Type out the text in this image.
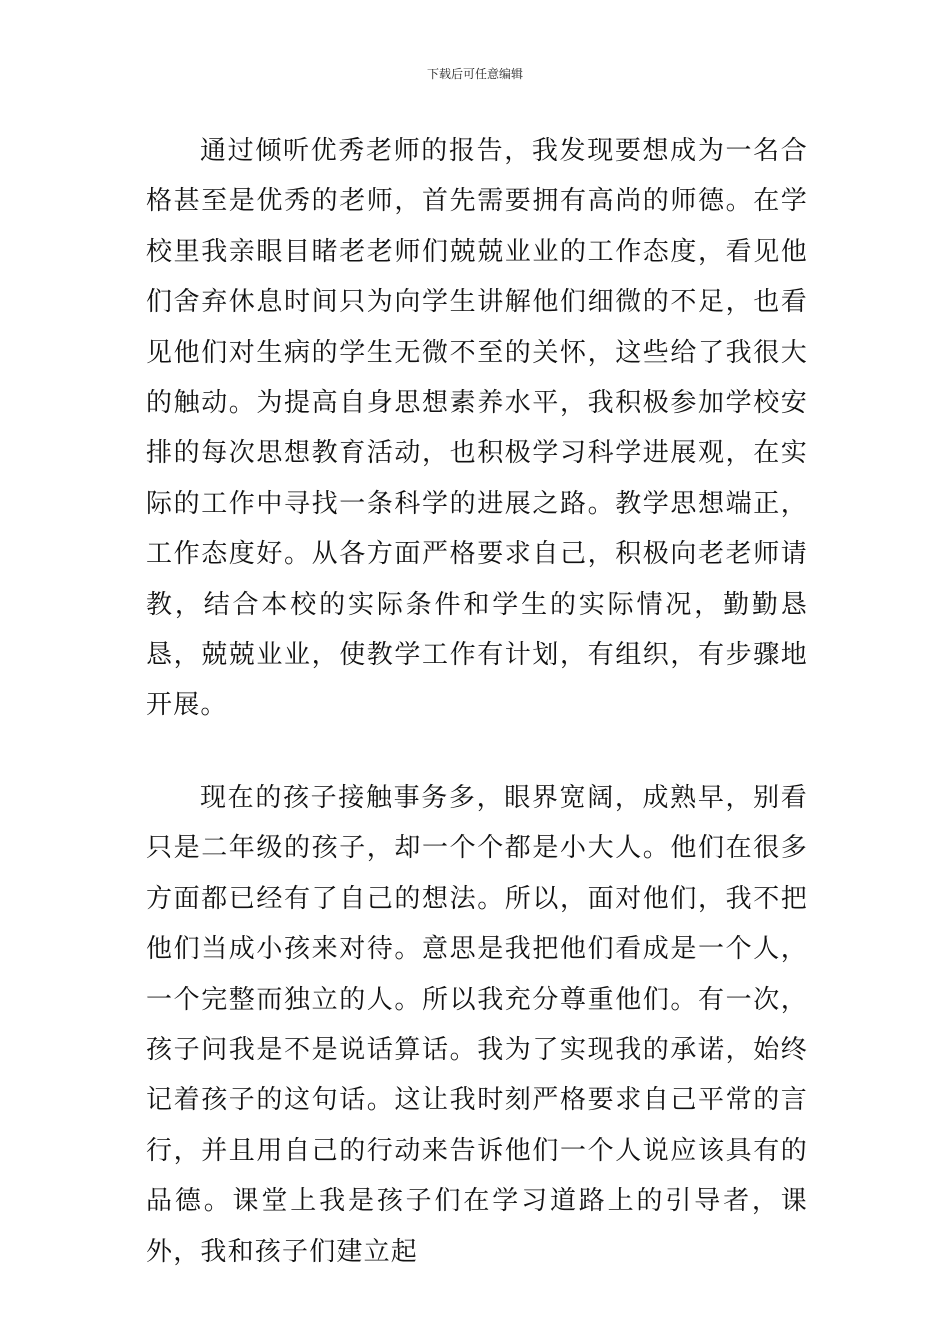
下载后可任意编辑

通过倾听优秀老师的报告，我发现要想成为一名合格甚至是优秀的老师，首先需要拥有高尚的师德。在学校里我亲眼目睹老老师们兢兢业业的工作态度，看见他们舍弃休息时间只为向学生讲解他们细微的不足，也看见他们对生病的学生无微不至的关怀，这些给了我很大的触动。为提高自身思想素养水平，我积极参加学校安排的每次思想教育活动，也积极学习科学进展观，在实际的工作中寻找一条科学的进展之路。教学思想端正，工作态度好。从各方面严格要求自己，积极向老老师请教，结合本校的实际条件和学生的实际情况，勤勤恳恳，兢兢业业，使教学工作有计划，有组织，有步骤地开展。

现在的孩子接触事务多，眼界宽阔，成熟早，别看只是二年级的孩子，却一个个都是小大人。他们在很多方面都已经有了自己的想法。所以，面对他们，我不把他们当成小孩来对待。意思是我把他们看成是一个人，一个完整而独立的人。所以我充分尊重他们。有一次，孩子问我是不是说话算话。我为了实现我的承诺，始终记着孩子的这句话。这让我时刻严格要求自己平常的言行，并且用自己的行动来告诉他们一个人说应该具有的品德。课堂上我是孩子们在学习道路上的引导者，课外，我和孩子们建立起
